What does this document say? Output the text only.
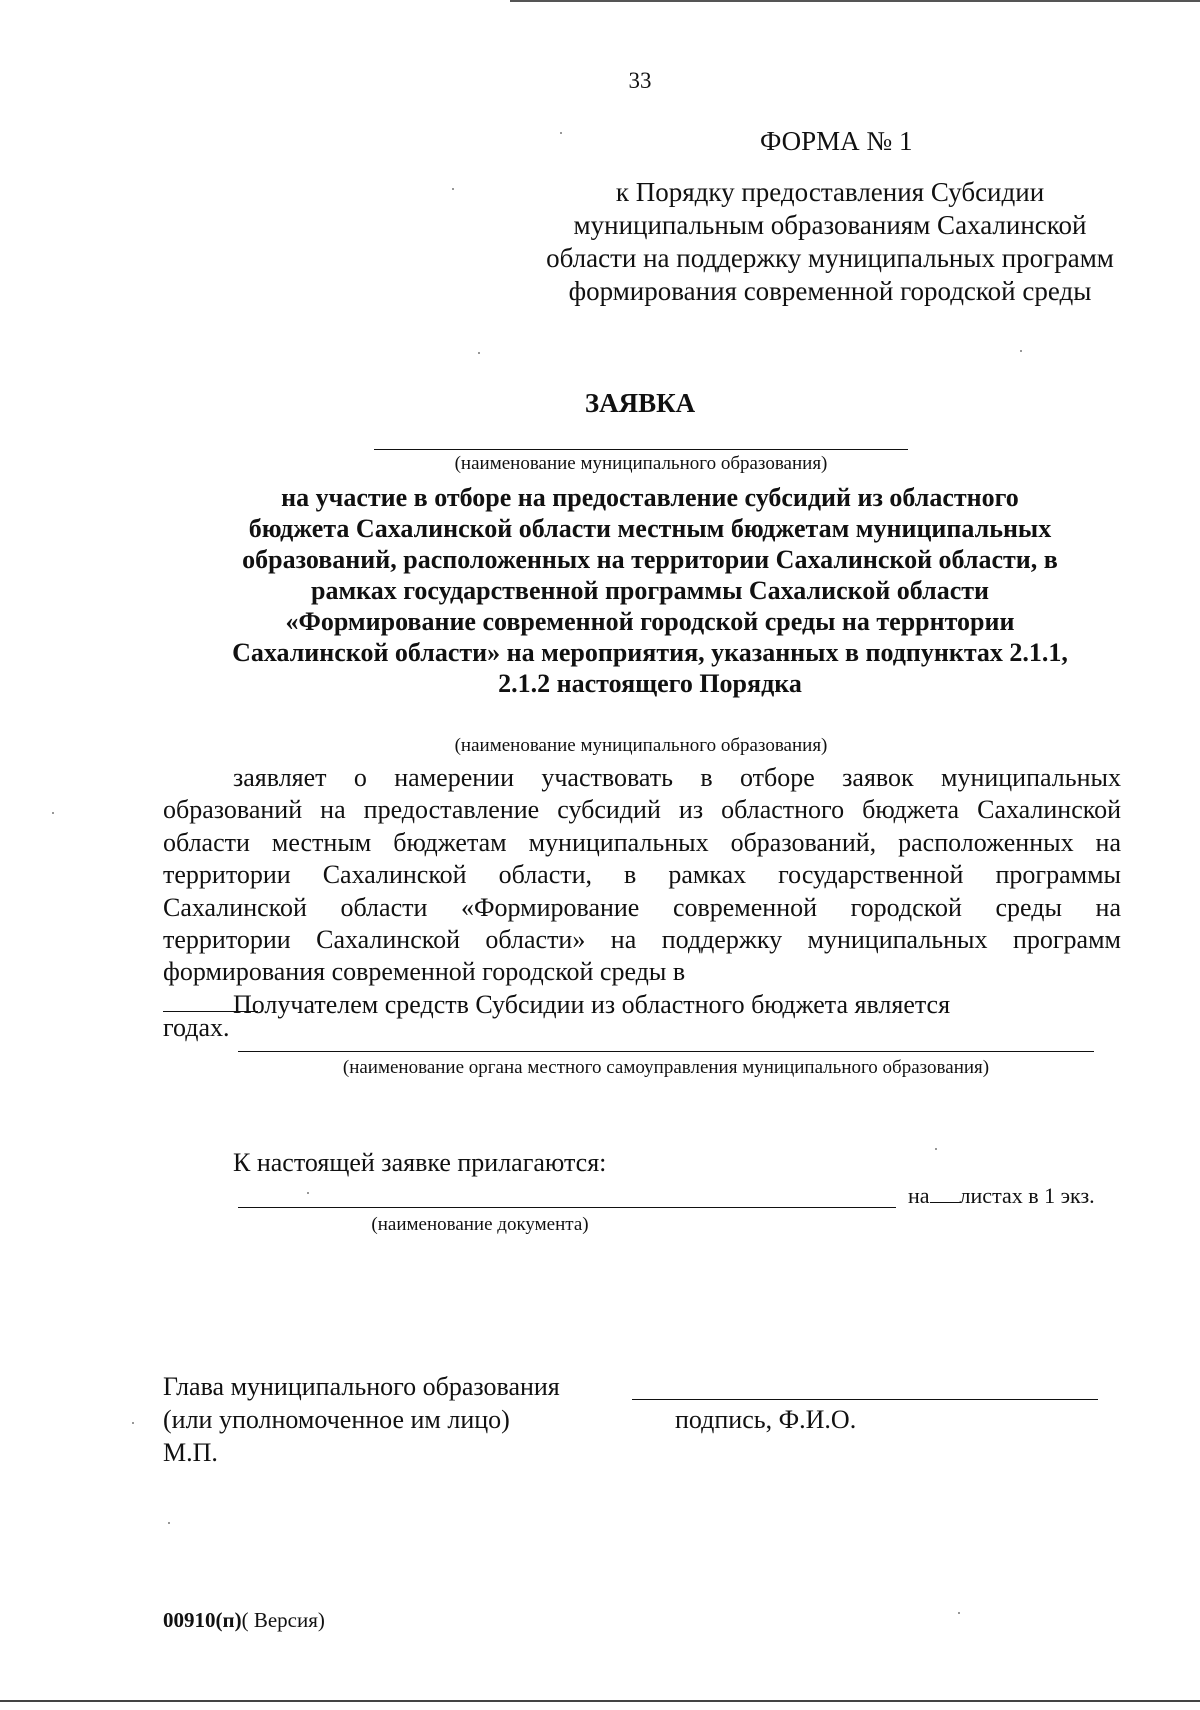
33
ФОРМА № 1
к Порядку предоставления Субсидии
муниципальным образованиям Сахалинской
области на поддержку муниципальных программ
формирования современной городской среды
ЗАЯВКА
(наименование муниципального образования)
на участие в отборе на предоставление субсидий из областного
бюджета Сахалинской области местным бюджетам муниципальных
образований, расположенных на территории Сахалинской области, в
рамках государственной программы Сахалиской области
«Формирование современной городской среды на террнтории
Сахалинской области» на мероприятия, указанных в подпунктах 2.1.1,
2.1.2 настоящего Порядка
(наименование муниципального образования)
заявляет о намерении участвовать в отборе заявок муниципальных
образований на предоставление субсидий из областного бюджета Сахалинской
области местным бюджетам муниципальных образований, расположенных на
территории Сахалинской области, в рамках государственной программы
Сахалинской области «Формирование современной городской среды на
территории Сахалинской области» на поддержку муниципальных программ
формирования современной городской среды в
годах.
Получателем средств Субсидии из областного бюджета является
(наименование органа местного самоуправления муниципального образования)
К настоящей заявке прилагаются:
на листах в 1 экз.
(наименование документа)
Глава муниципального образования
(или уполномоченное им лицо)
М.П.
подпись, Ф.И.О.
00910(п)( Версия)
